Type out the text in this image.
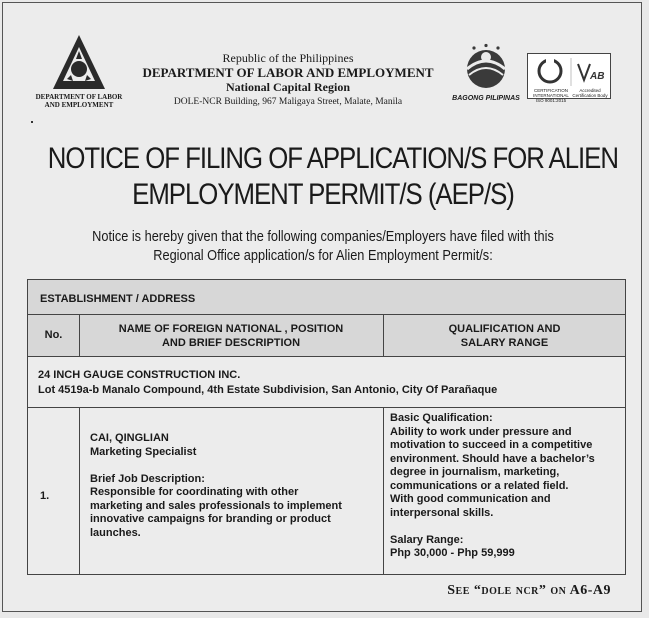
DEPARTMENT OF LABOR
AND EMPLOYMENT
Republic of the Philippines
DEPARTMENT OF LABOR AND EMPLOYMENT
National Capital Region
DOLE-NCR Building, 967 Maligaya Street, Malate, Manila	BAGONG PILIPINAS
AB
CERTIFICATION INTERNATIONAL
ISO 9001:2015
Accredited Certification Body
NOTICE OF FILING OF APPLICATION/S FOR ALIEN
EMPLOYMENT PERMIT/S (AEP/S)
Notice is hereby given that the following companies/Employers have filed with this
Regional Office application/s for Alien Employment Permit/s:
ESTABLISHMENT / ADDRESS
No.	NAME OF FOREIGN NATIONAL , POSITION
AND BRIEF DESCRIPTION
QUALIFICATION AND
SALARY RANGE
24 INCH GAUGE CONSTRUCTION INC.
Lot 4519a-b Manalo Compound, 4th Estate Subdivision, San Antonio, City Of Parañaque
1.
CAI, QINGLIAN
Marketing Specialist
Brief Job Description:
Responsible for coordinating with other
marketing and sales professionals to implement
innovative campaigns for branding or product
launches.
Basic Qualification:
Ability to work under pressure and
motivation to succeed in a competitive
environment. Should have a bachelor’s
degree in journalism, marketing,
communications or a related field.
With good communication and
interpersonal skills.
Salary Range:
Php 30,000 - Php 59,999
See “dole ncr” on A6-A9
